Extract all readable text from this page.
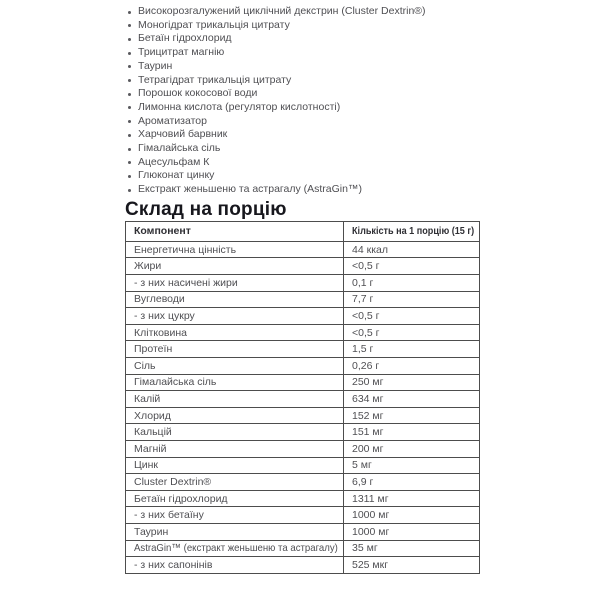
Високорозгалужений циклічний декстрин (Cluster Dextrin®)
Моногідрат трикальція цитрату
Бетаїн гідрохлорид
Трицитрат магнію
Таурин
Тетрагідрат трикальція цитрату
Порошок кокосової води
Лимонна кислота (регулятор кислотності)
Ароматизатор
Харчовий барвник
Гімалайська сіль
Ацесульфам К
Глюконат цинку
Екстракт женьшеню та астрагалу (AstraGin™)
Склад на порцію
Компонент	Кількість на 1 порцію (15 г)
Енергетична цінність	44 ккал
Жири	<0,5 г
- з них насичені жири	0,1 г
Вуглеводи	7,7 г
- з них цукру	<0,5 г
Клітковина	<0,5 г
Протеїн	1,5 г
Сіль	0,26 г
Гімалайська сіль	250 мг
Калій	634 мг
Хлорид	152 мг
Кальцій	151 мг
Магній	200 мг
Цинк	5 мг
Cluster Dextrin®	6,9 г
Бетаїн гідрохлорид	1311 мг
- з них бетаїну	1000 мг
Таурин	1000 мг
AstraGin™ (екстракт женьшеню та астрагалу)	35 мг
- з них сапонінів	525 мкг
